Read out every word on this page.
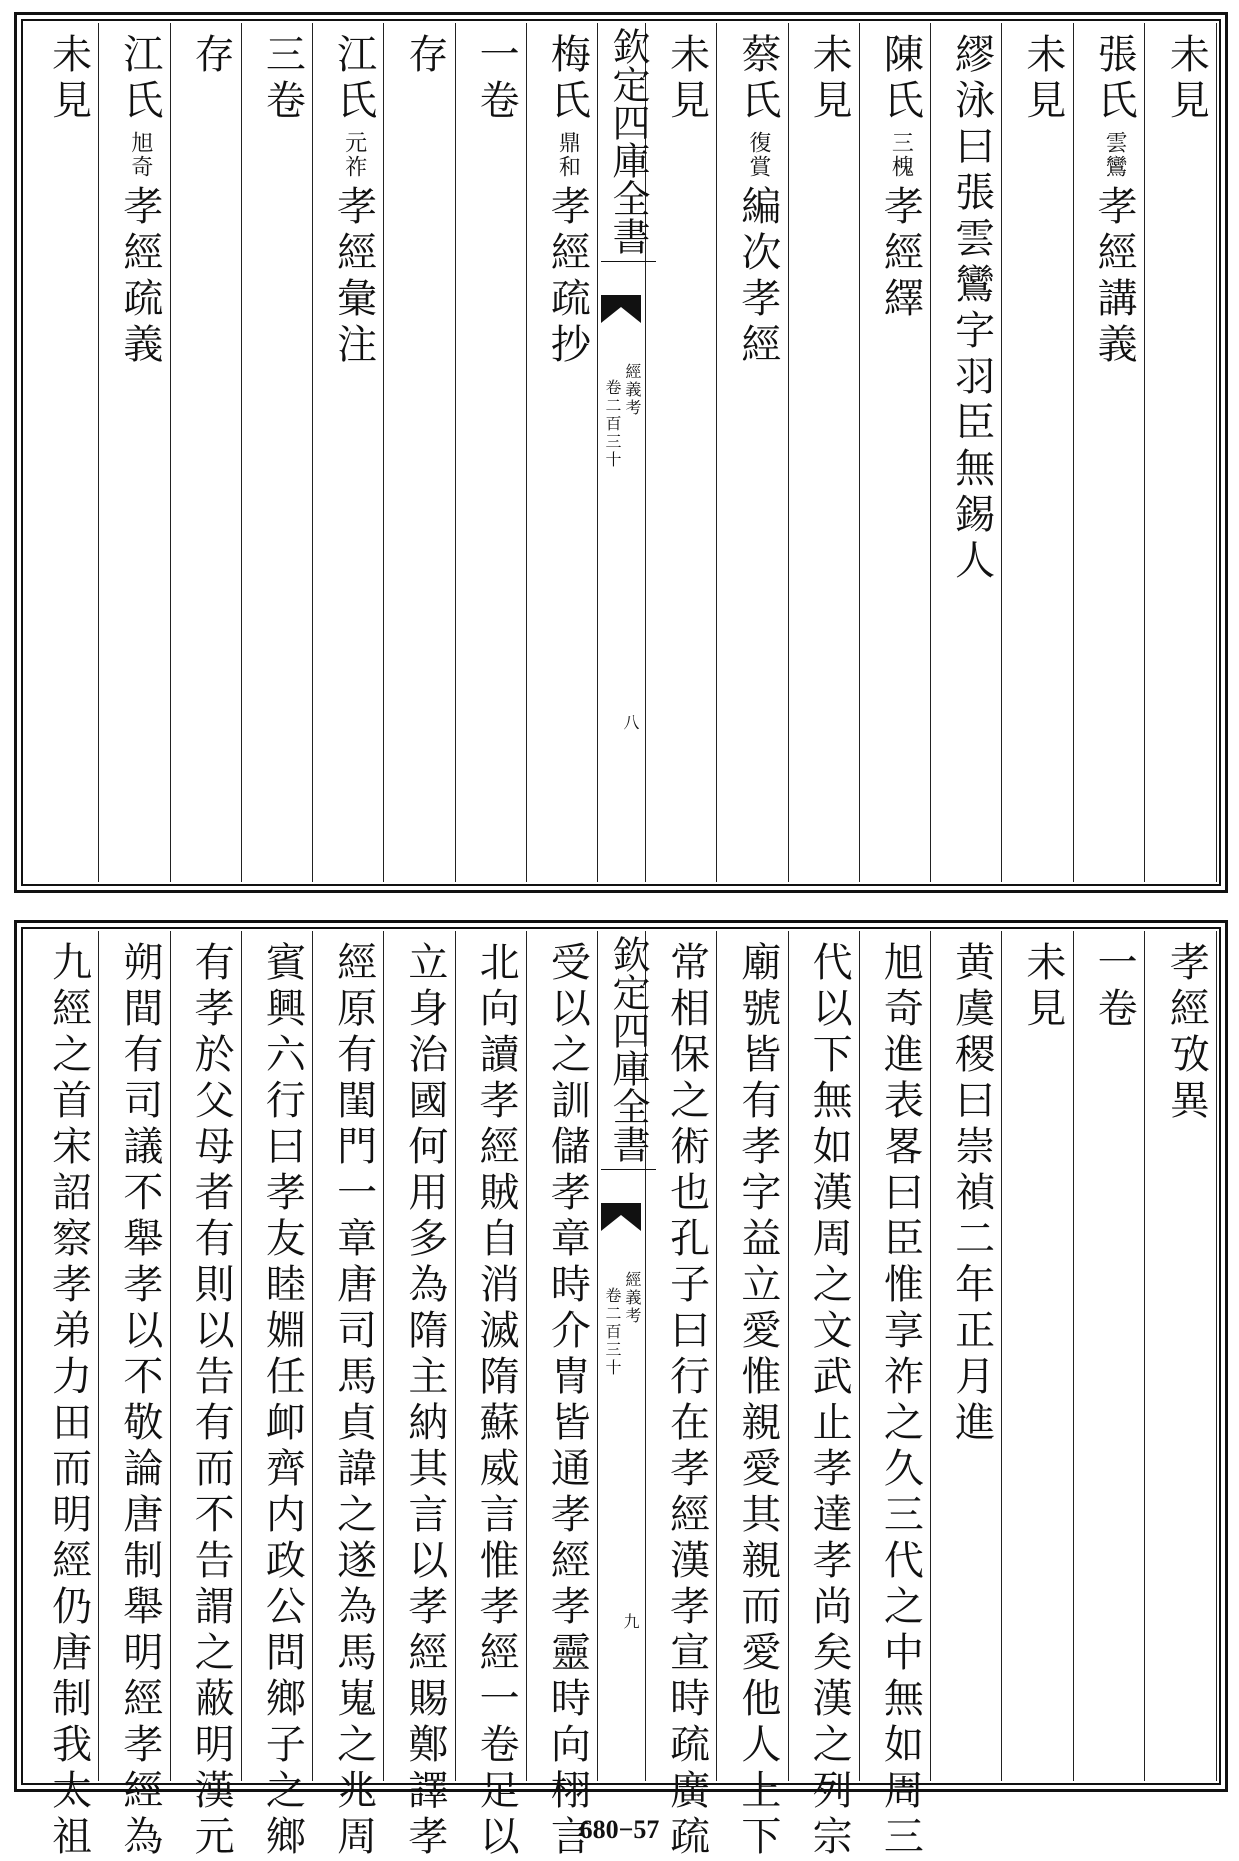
未見
張氏雲鸞孝經講義
未見
繆泳曰張雲鸞字羽臣無錫人
陳氏三槐孝經繹
未見
蔡氏復賞編次孝經
未見
欽定四庫全書
經義考
卷二百三十
八
梅氏鼎和孝經疏抄
一卷
存
江氏元祚孝經彙注
三卷
存
江氏旭奇孝經疏義
未見
孝經攷異
一卷
未見
黄虞稷曰崇禎二年正月進
旭奇進表畧曰臣惟享祚之久三代之中無如周三
代以下無如漢周之文武止孝達孝尚矣漢之列宗
廟號皆有孝字益立愛惟親愛其親而愛他人上下
常相保之術也孔子曰行在孝經漢孝宣時疏廣疏
欽定四庫全書
經義考
卷二百三十
九
受以之訓儲孝章時介冑皆通孝經孝靈時向栩言
北向讀孝經賊自消滅隋蘇威言惟孝經一卷足以
立身治國何用多為隋主納其言以孝經賜鄭譯孝
經原有閨門一章唐司馬貞諱之遂為馬嵬之兆周
賓興六行曰孝友睦婣任卹齊内政公問鄉子之鄉
有孝於父母者有則以告有而不告謂之蔽明漢元
朔間有司議不舉孝以不敬論唐制舉明經孝經為
九經之首宋詔察孝弟力田而明經仍唐制我太祖	680−57
